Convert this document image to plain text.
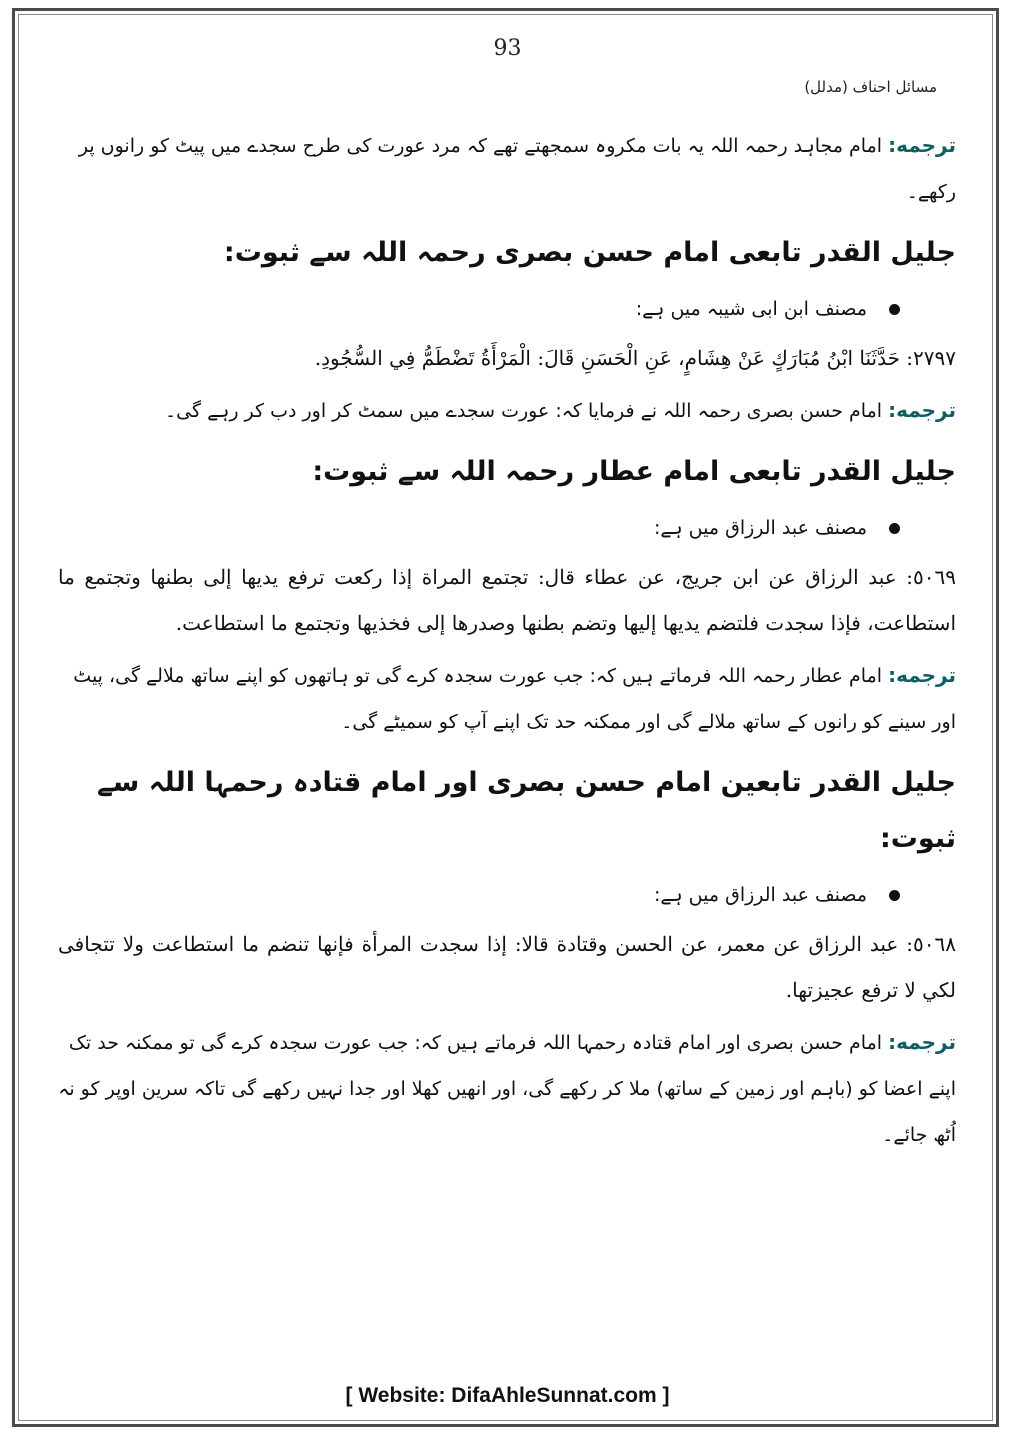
93
مسائل احناف (مدلل)

ترجمه: امام مجاہد رحمہ اللہ یہ بات مکروہ سمجھتے تھے کہ مرد عورت کی طرح سجدے میں پیٹ کو رانوں پر رکھے۔

جلیل القدر تابعی امام حسن بصری رحمہ اللہ سے ثبوت:
مصنف ابن ابی شیبہ میں ہے:

۲۷۹۷: حَدَّثَنَا ابْنُ مُبَارَكٍ عَنْ هِشَامٍ، عَنِ الْحَسَنِ قَالَ: الْمَرْأَةُ تَضْطَمُّ فِي السُّجُودِ.

ترجمه: امام حسن بصری رحمہ اللہ نے فرمایا کہ: عورت سجدے میں سمٹ کر اور دب کر رہے گی۔

جلیل القدر تابعی امام عطار رحمہ اللہ سے ثبوت:
مصنف عبد الرزاق میں ہے:

٥٠٦٩: عبد الرزاق عن ابن جريج، عن عطاء قال: تجتمع المراة إذا ركعت ترفع يديها إلى بطنها وتجتمع ما استطاعت، فإذا سجدت فلتضم يديها إليها وتضم بطنها وصدرها إلى فخذيها وتجتمع ما استطاعت.

ترجمه: امام عطار رحمہ اللہ فرماتے ہیں کہ: جب عورت سجدہ کرے گی تو ہاتھوں کو اپنے ساتھ ملالے گی، پیٹ اور سینے کو رانوں کے ساتھ ملالے گی اور ممکنہ حد تک اپنے آپ کو سمیٹے گی۔

جلیل القدر تابعین امام حسن بصری اور امام قتادہ رحمہا اللہ سے ثبوت:
مصنف عبد الرزاق میں ہے:

٥٠٦٨: عبد الرزاق عن معمر، عن الحسن وقتادة قالا: إذا سجدت المرأة فإنها تنضم ما استطاعت ولا تتجافى لكي لا ترفع عجيزتها.

ترجمه: امام حسن بصری اور امام قتادہ رحمہا اللہ فرماتے ہیں کہ: جب عورت سجدہ کرے گی تو ممکنہ حد تک اپنے اعضا کو (باہم اور زمین کے ساتھ) ملا کر رکھے گی، اور انھیں کھلا اور جدا نہیں رکھے گی تاکہ سرین اوپر کو نہ اُٹھ جائے۔

[ Website: DifaAhleSunnat.com ]
